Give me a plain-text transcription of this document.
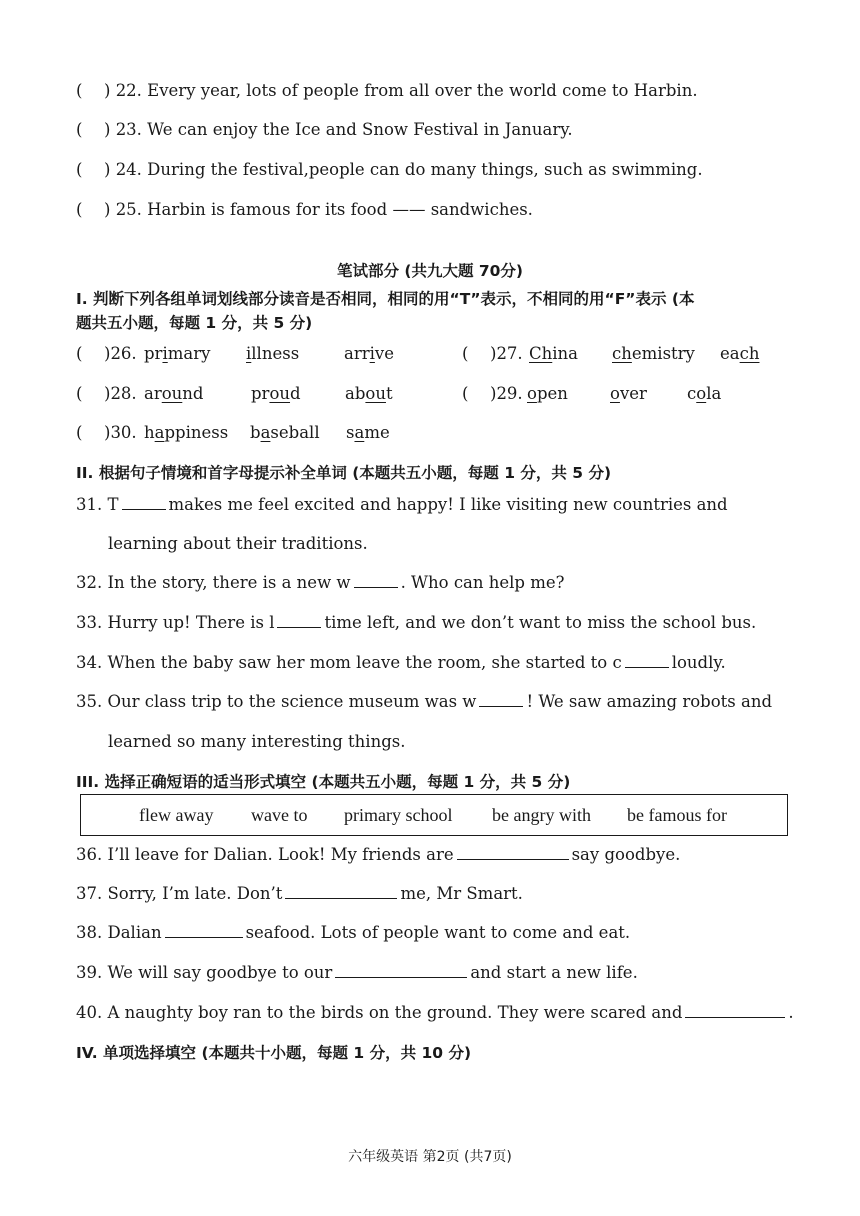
( ) 22. Every year, lots of people from all over the world come to Harbin.
( ) 23. We can enjoy the Ice and Snow Festival in January.
( ) 24. During the festival,people can do many things, such as swimming.
( ) 25. Harbin is famous for its food —— sandwiches.
笔试部分 (共九大题 70分)
I. 判断下列各组单词划线部分读音是否相同，相同的用“T”表示，不相同的用“F”表示 (本
题共五小题，每题 1 分，共 5 分)
( )26. primary illness	arrive	( )27. China chemistry each
( )28. around	proud	about	( )29. open	over cola
( )30. happiness baseball same
II. 根据句子情境和首字母提示补全单词 (本题共五小题，每题 1 分，共 5 分)
31. T	makes me feel excited and happy! I like visiting new countries and
learning about their traditions.
32. In the story, there is a new w	. Who can help me?
33. Hurry up! There is l	time left, and we don’t want to miss the school bus.
34. When the baby saw her mom leave the room, she started to c	loudly.
35. Our class trip to the science museum was w	! We saw amazing robots and
learned so many interesting things.
III. 选择正确短语的适当形式填空 (本题共五小题，每题 1 分，共 5 分)
flew away wave to primary school be angry with be famous for
36. I’ll leave for Dalian. Look! My friends are	say goodbye.
37. Sorry, I’m late. Don’t	me, Mr Smart.
38. Dalian	seafood. Lots of people want to come and eat.
39. We will say goodbye to our	and start a new life.
40. A naughty boy ran to the birds on the ground. They were scared and	.
IV. 单项选择填空 (本题共十小题，每题 1 分，共 10 分)
六年级英语 第2页 (共7页)
